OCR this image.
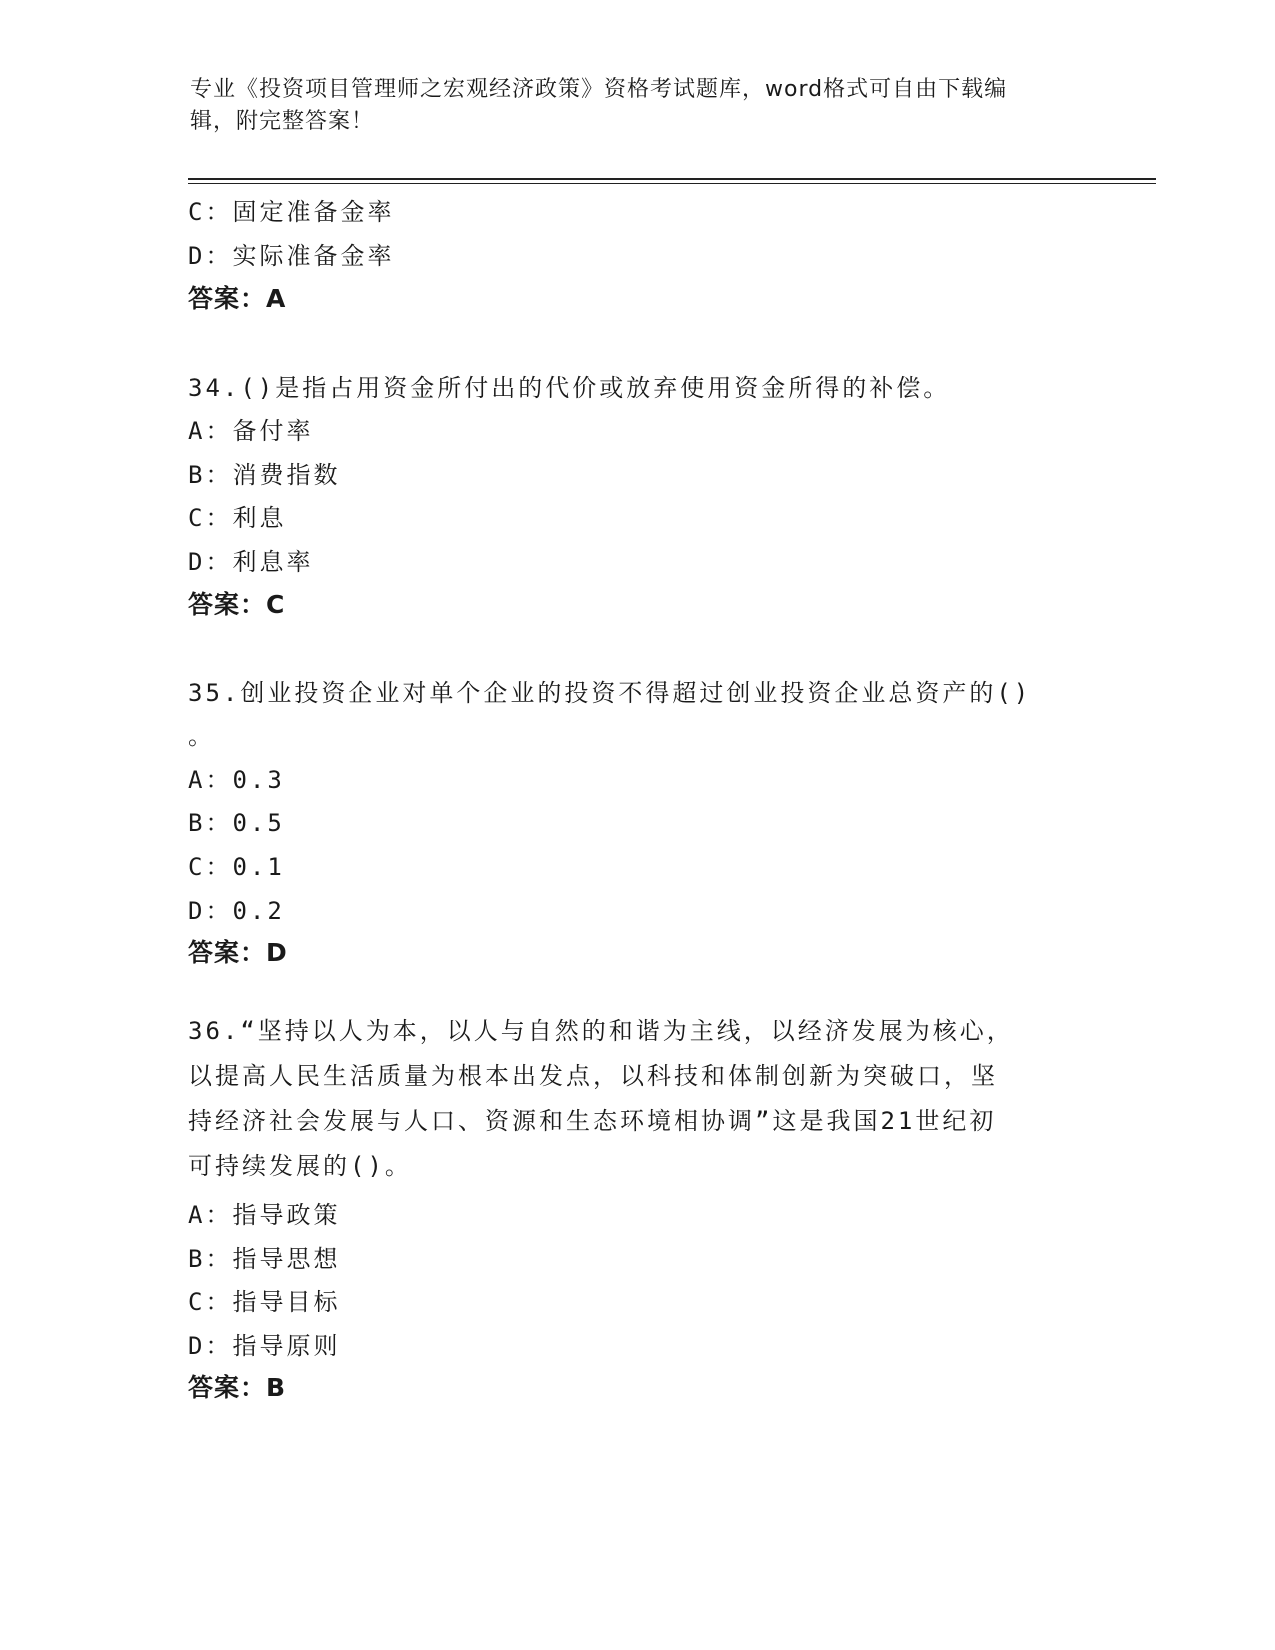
专业《投资项目管理师之宏观经济政策》资格考试题库，word格式可自由下载编
辑，附完整答案！
C：固定准备金率
D：实际准备金率
答案：A
34.()是指占用资金所付出的代价或放弃使用资金所得的补偿。
A：备付率
B：消费指数
C：利息
D：利息率
答案：C
35.创业投资企业对单个企业的投资不得超过创业投资企业总资产的()
。
A：0.3
B：0.5
C：0.1
D：0.2
答案：D
36.“坚持以人为本，以人与自然的和谐为主线，以经济发展为核心，
以提高人民生活质量为根本出发点，以科技和体制创新为突破口，坚
持经济社会发展与人口、资源和生态环境相协调”这是我国21世纪初
可持续发展的()。
A：指导政策
B：指导思想
C：指导目标
D：指导原则
答案：B
